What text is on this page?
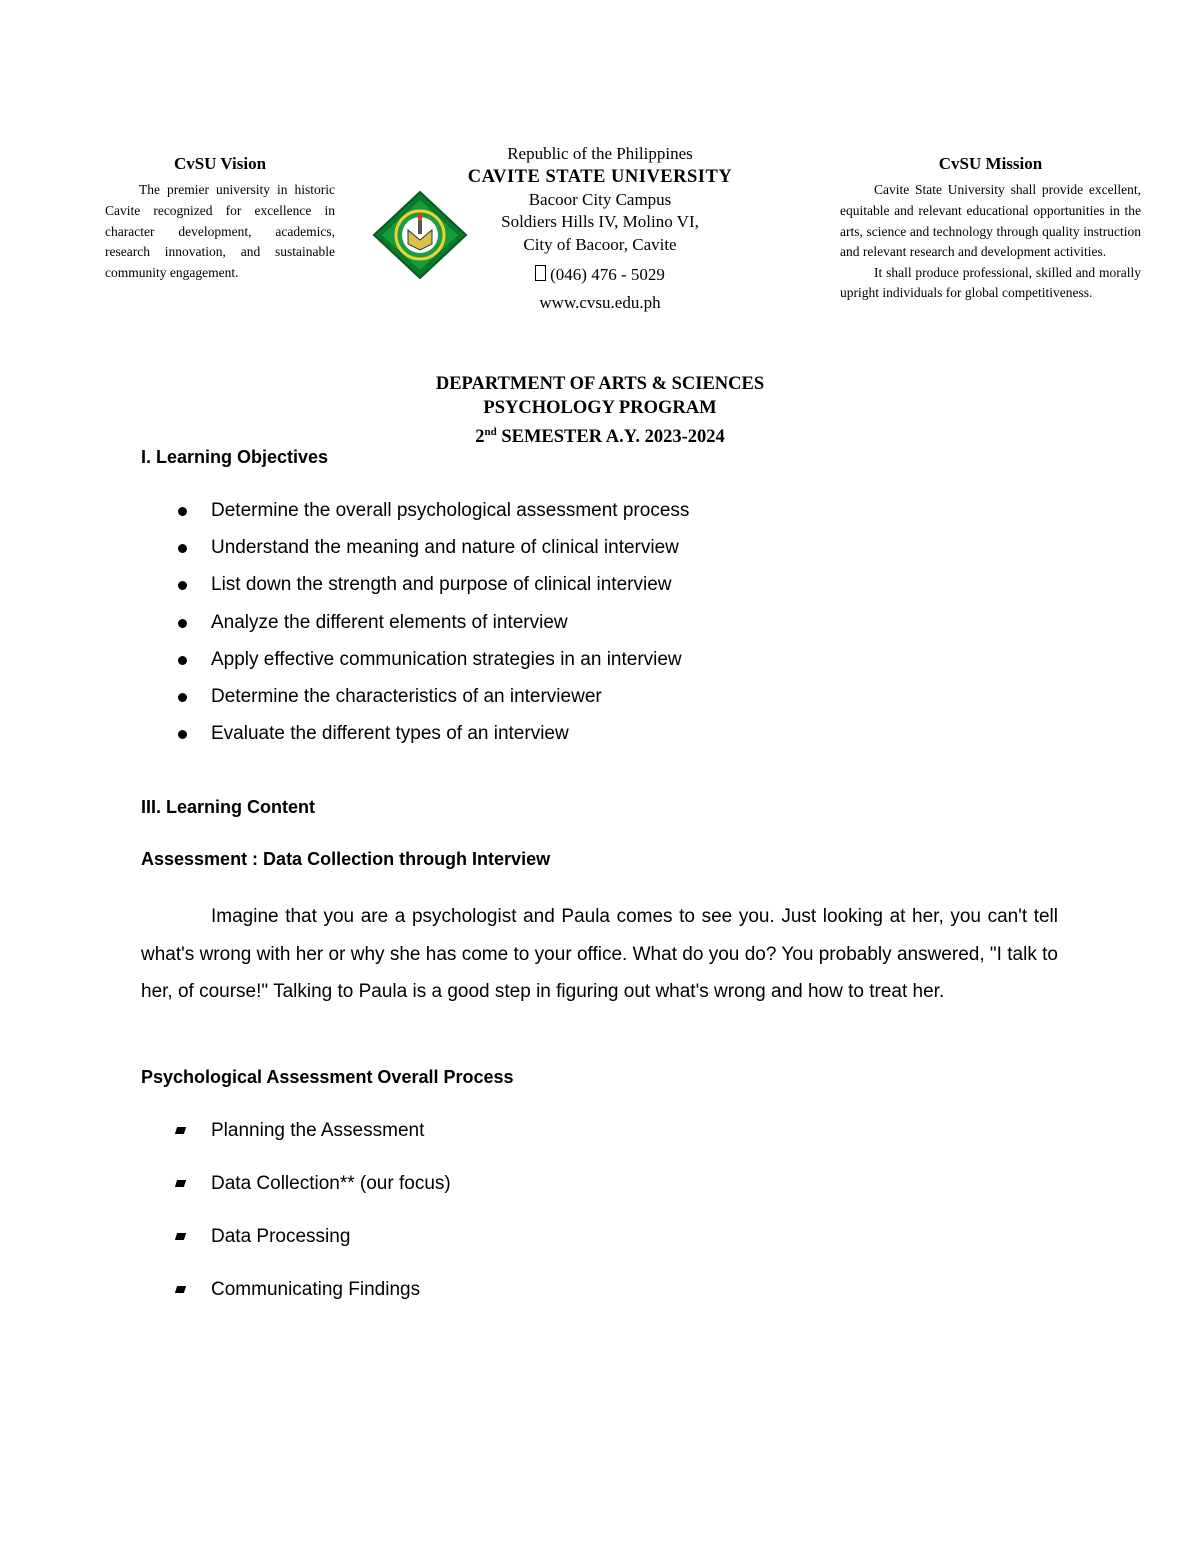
CvSU Vision

The premier university in historic Cavite recognized for excellence in character development, academics, research innovation, and sustainable community engagement.

Republic of the Philippines
CAVITE STATE UNIVERSITY
Bacoor City Campus
Soldiers Hills IV, Molino VI,
City of Bacoor, Cavite
(046) 476 - 5029
www.cvsu.edu.ph

CvSU Mission

Cavite State University shall provide excellent, equitable and relevant educational opportunities in the arts, science and technology through quality instruction and relevant research and development activities.

It shall produce professional, skilled and morally upright individuals for global competitiveness.

DEPARTMENT OF ARTS & SCIENCES
PSYCHOLOGY PROGRAM
2nd SEMESTER A.Y. 2023-2024
I. Learning Objectives
Determine the overall psychological assessment process
Understand the meaning and nature of clinical interview
List down the strength and purpose of clinical interview
Analyze the different elements of interview
Apply effective communication strategies in an interview
Determine the characteristics of an interviewer
Evaluate the different types of an interview
III. Learning Content
Assessment : Data Collection through Interview

Imagine that you are a psychologist and Paula comes to see you. Just looking at her, you can't tell what's wrong with her or why she has come to your office. What do you do? You probably answered, "I talk to her, of course!" Talking to Paula is a good step in figuring out what's wrong and how to treat her.

Psychological Assessment Overall Process
Planning the Assessment
Data Collection** (our focus)
Data Processing
Communicating Findings
